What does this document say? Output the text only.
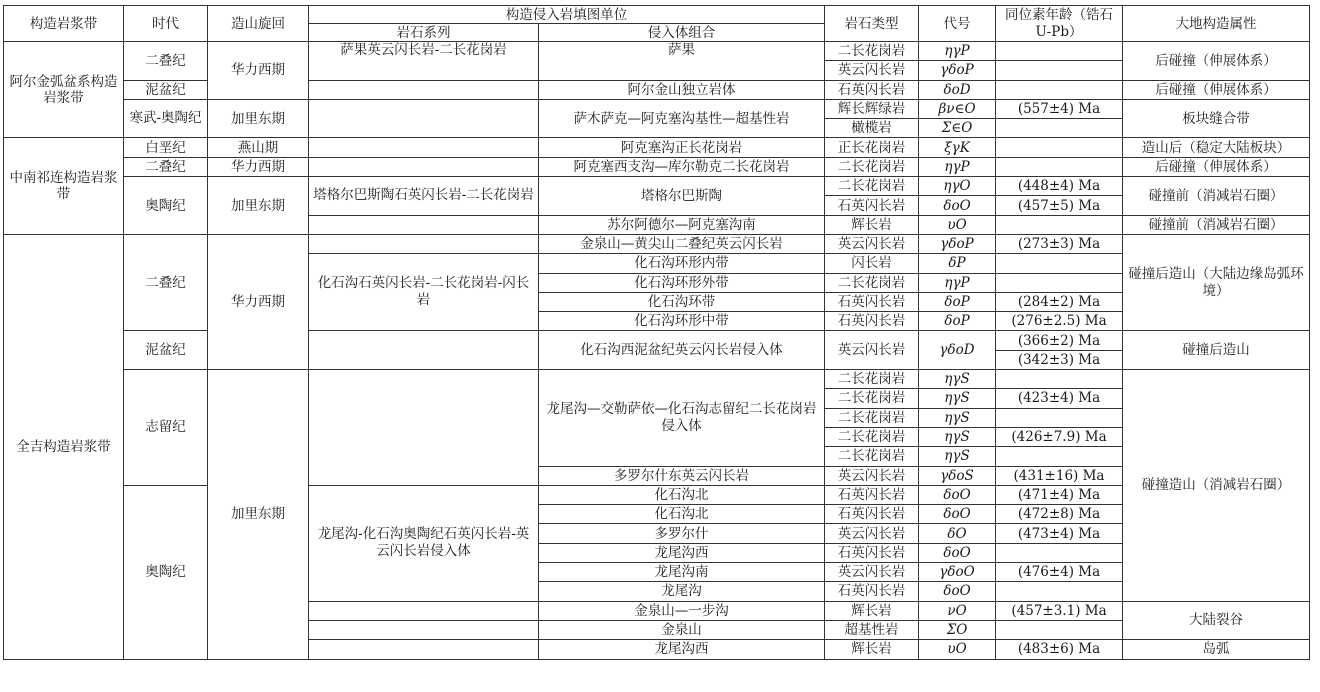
构造岩浆带	时代	造山旋回	构造侵入岩填图单位		岩石类型	代号	同位素年龄（锆石U-Pb）	大地构造属性
			岩石系列	侵入体组合				
阿尔金弧盆系构造岩浆带	二叠纪	华力西期	萨果英云闪长岩-二长花岗岩	萨果	二长花岗岩	ηγP		后碰撞（伸展体系）
					英云闪长岩	γδoP		
	泥盆纪			阿尔金山独立岩体	石英闪长岩	δoD		后碰撞（伸展体系）
	寒武-奥陶纪	加里东期		萨木萨克—阿克塞沟基性—超基性岩	辉长辉绿岩	βν∈O	(557±4) Ma	板块缝合带
					橄榄岩	Σ∈O		
中南祁连构造岩浆带	白垩纪	燕山期		阿克塞沟正长花岗岩	正长花岗岩	ξγK		造山后（稳定大陆板块）
	二叠纪	华力西期		阿克塞西支沟—库尔勒克二长花岗岩	二长花岗岩	ηγP		后碰撞（伸展体系）
	奥陶纪	加里东期	塔格尔巴斯陶石英闪长岩-二长花岗岩	塔格尔巴斯陶	二长花岗岩	ηγO	(448±4) Ma	碰撞前（消减岩石圈）
					石英闪长岩	δoO	(457±5) Ma	
				苏尔阿德尔—阿克塞沟南	辉长岩	υO		碰撞前（消减岩石圈）
全吉构造岩浆带	二叠纪	华力西期		金泉山—黄尖山二叠纪英云闪长岩	英云闪长岩	γδoP	(273±3) Ma	碰撞后造山（大陆边缘岛弧环境）
			化石沟石英闪长岩-二长花岗岩-闪长岩	化石沟环形内带	闪长岩	δP		
				化石沟环形外带	二长花岗岩	ηγP		
				化石沟环带	石英闪长岩	δoP	(284±2) Ma	
				化石沟环形中带	石英闪长岩	δoP	(276±2.5) Ma	
	泥盆纪			化石沟西泥盆纪英云闪长岩侵入体	英云闪长岩	γδoD	(366±2) Ma	碰撞后造山
							(342±3) Ma	
	志留纪	加里东期		龙尾沟—交勒萨依—化石沟志留纪二长花岗岩侵入体	二长花岗岩	ηγS		碰撞造山（消减岩石圈）
					二长花岗岩	ηγS	(423±4) Ma	
					二长花岗岩	ηγS		
					二长花岗岩	ηγS	(426±7.9) Ma	
					二长花岗岩	ηγS		
				多罗尔什东英云闪长岩	英云闪长岩	γδoS	(431±16) Ma	
	奥陶纪		龙尾沟-化石沟奥陶纪石英闪长岩-英云闪长岩侵入体	化石沟北	石英闪长岩	δoO	(471±4) Ma	
				化石沟北	石英闪长岩	δoO	(472±8) Ma	
				多罗尔什	英云闪长岩	δO	(473±4) Ma	
				龙尾沟西	石英闪长岩	δoO		
				龙尾沟南	英云闪长岩	γδoO	(476±4) Ma	
				龙尾沟	石英闪长岩	δoO		
				金泉山—一步沟	辉长岩	νO	(457±3.1) Ma	大陆裂谷
				金泉山	超基性岩	ΣO		
				龙尾沟西	辉长岩	υO	(483±6) Ma	岛弧
